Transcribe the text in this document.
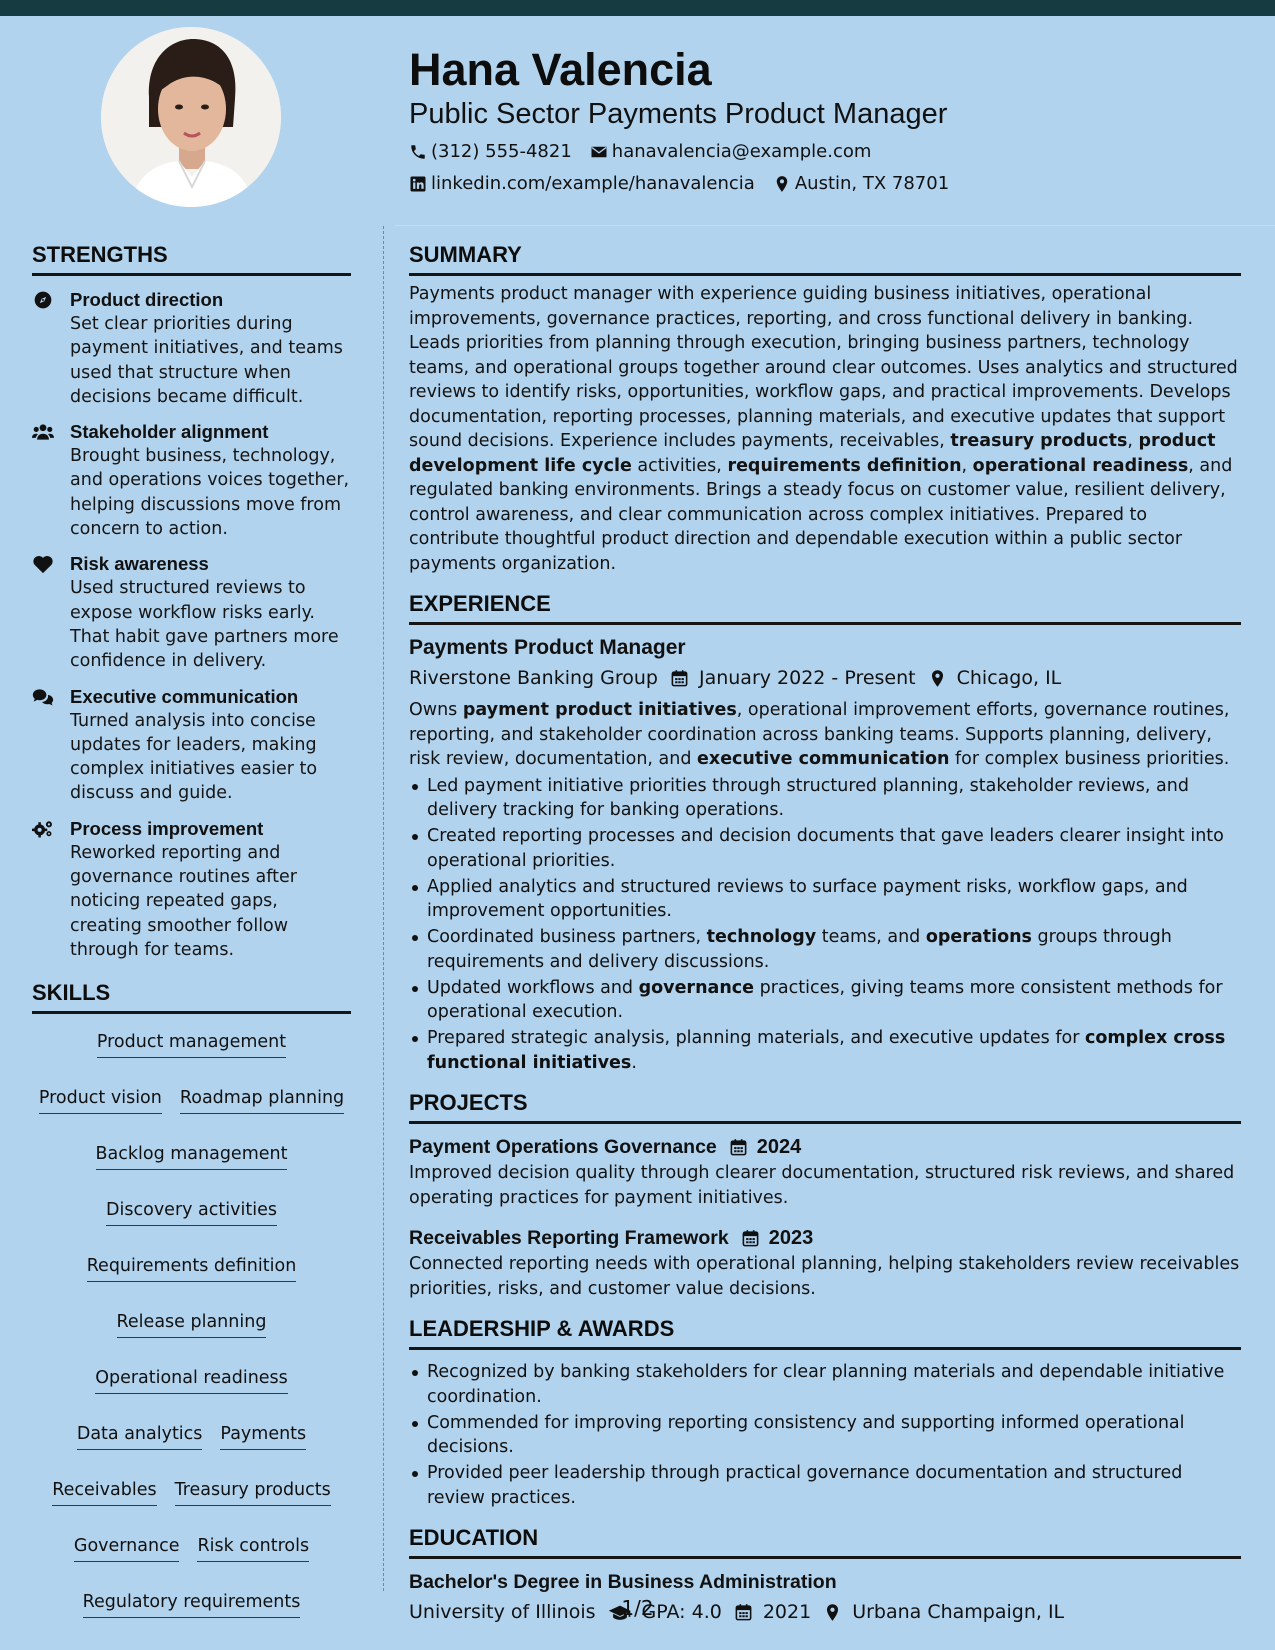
Hana Valencia
Public Sector Payments Product Manager
(312) 555-4821 hanavalencia@example.com
linkedin.com/example/hanavalencia Austin, TX 78701
STRENGTHS
Product direction
Set clear priorities during payment initiatives, and teams used that structure when decisions became difficult.
Stakeholder alignment
Brought business, technology, and operations voices together, helping discussions move from concern to action.
Risk awareness
Used structured reviews to expose workflow risks early. That habit gave partners more confidence in delivery.
Executive communication
Turned analysis into concise updates for leaders, making complex initiatives easier to discuss and guide.
Process improvement
Reworked reporting and governance routines after noticing repeated gaps, creating smoother follow through for teams.
SKILLS
Product management
Product vision Roadmap planning
Backlog management
Discovery activities
Requirements definition
Release planning
Operational readiness
Data analytics Payments
Receivables Treasury products
Governance Risk controls
Regulatory requirements
SUMMARY

Payments product manager with experience guiding business initiatives, operational improvements, governance practices, reporting, and cross functional delivery in banking. Leads priorities from planning through execution, bringing business partners, technology teams, and operational groups together around clear outcomes. Uses analytics and structured reviews to identify risks, opportunities, workflow gaps, and practical improvements. Develops documentation, reporting processes, planning materials, and executive updates that support sound decisions. Experience includes payments, receivables, treasury products, product development life cycle activities, requirements definition, operational readiness, and regulated banking environments. Brings a steady focus on customer value, resilient delivery, control awareness, and clear communication across complex initiatives. Prepared to contribute thoughtful product direction and dependable execution within a public sector payments organization.

EXPERIENCE
Payments Product Manager
Riverstone Banking Group January 2022 - Present Chicago, IL

Owns payment product initiatives, operational improvement efforts, governance routines, reporting, and stakeholder coordination across banking teams. Supports planning, delivery, risk review, documentation, and executive communication for complex business priorities.

Led payment initiative priorities through structured planning, stakeholder reviews, and delivery tracking for banking operations.
Created reporting processes and decision documents that gave leaders clearer insight into operational priorities.
Applied analytics and structured reviews to surface payment risks, workflow gaps, and improvement opportunities.
Coordinated business partners, technology teams, and operations groups through requirements and delivery discussions.
Updated workflows and governance practices, giving teams more consistent methods for operational execution.
Prepared strategic analysis, planning materials, and executive updates for complex cross functional initiatives.
PROJECTS
Payment Operations Governance 2024

Improved decision quality through clearer documentation, structured risk reviews, and shared operating practices for payment initiatives.

Receivables Reporting Framework 2023

Connected reporting needs with operational planning, helping stakeholders review receivables priorities, risks, and customer value decisions.

LEADERSHIP & AWARDS
Recognized by banking stakeholders for clear planning materials and dependable initiative coordination.
Commended for improving reporting consistency and supporting informed operational decisions.
Provided peer leadership through practical governance documentation and structured review practices.
EDUCATION
Bachelor's Degree in Business Administration
University of Illinois GPA: 4.0 2021 Urbana Champaign, IL
1/2
